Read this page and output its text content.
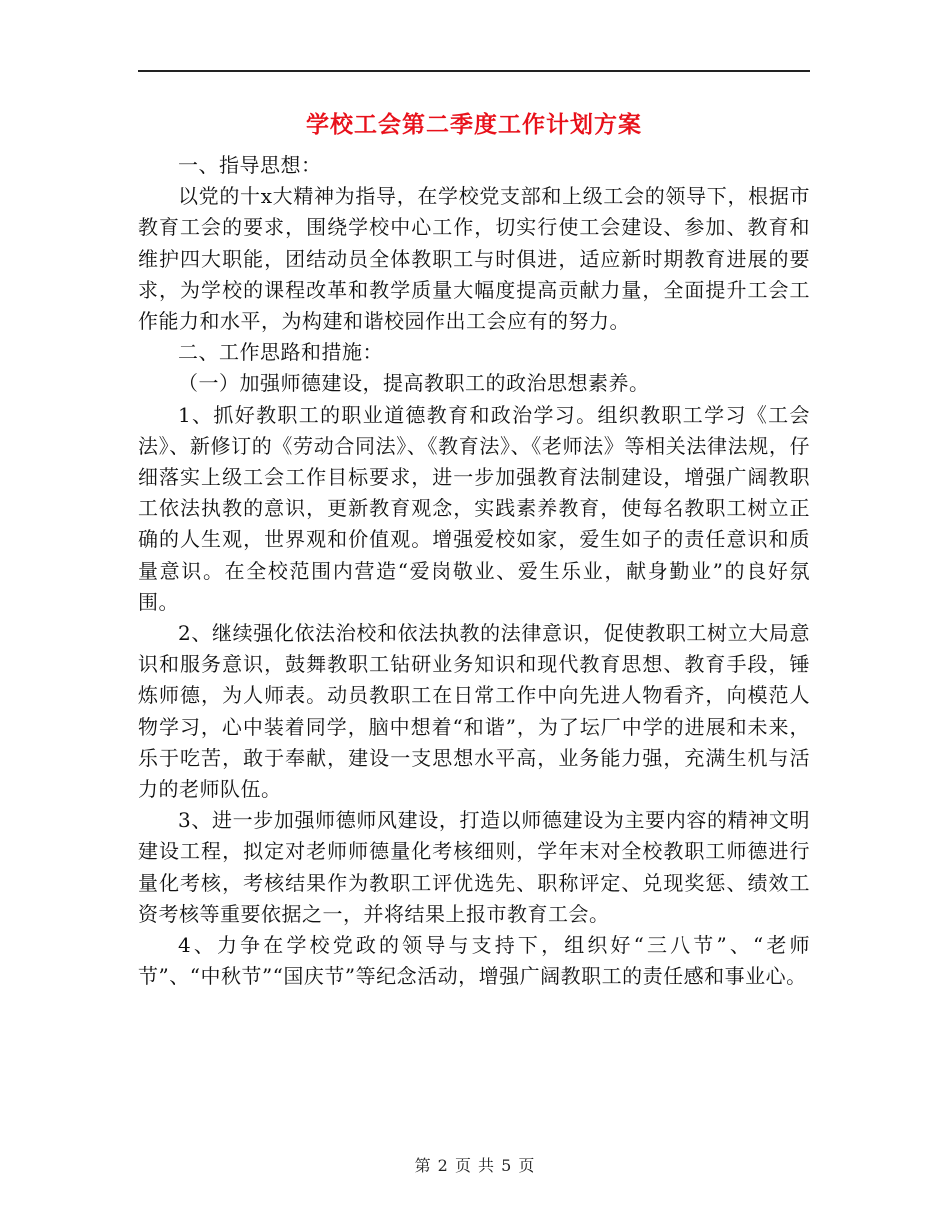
学校工会第二季度工作计划方案

一、指导思想：

以党的十x大精神为指导，在学校党支部和上级工会的领导下，根据市教育工会的要求，围绕学校中心工作，切实行使工会建设、参加、教育和维护四大职能，团结动员全体教职工与时俱进，适应新时期教育进展的要求，为学校的课程改革和教学质量大幅度提高贡献力量，全面提升工会工作能力和水平，为构建和谐校园作出工会应有的努力。

二、工作思路和措施：

（一）加强师德建设，提高教职工的政治思想素养。

1、抓好教职工的职业道德教育和政治学习。组织教职工学习《工会法》、新修订的《劳动合同法》、《教育法》、《老师法》等相关法律法规，仔细落实上级工会工作目标要求，进一步加强教育法制建设，增强广阔教职工依法执教的意识，更新教育观念，实践素养教育，使每名教职工树立正确的人生观，世界观和价值观。增强爱校如家，爱生如子的责任意识和质量意识。在全校范围内营造“爱岗敬业、爱生乐业，献身勤业”的良好氛围。

2、继续强化依法治校和依法执教的法律意识，促使教职工树立大局意识和服务意识，鼓舞教职工钻研业务知识和现代教育思想、教育手段，锤炼师德，为人师表。动员教职工在日常工作中向先进人物看齐，向模范人物学习，心中装着同学，脑中想着“和谐”，为了坛厂中学的进展和未来，乐于吃苦，敢于奉献，建设一支思想水平高，业务能力强，充满生机与活力的老师队伍。

3、进一步加强师德师风建设，打造以师德建设为主要内容的精神文明建设工程，拟定对老师师德量化考核细则，学年末对全校教职工师德进行量化考核，考核结果作为教职工评优选先、职称评定、兑现奖惩、绩效工资考核等重要依据之一，并将结果上报市教育工会。

4、力争在学校党政的领导与支持下，组织好“三八节”、“老师节”、“中秋节”“国庆节”等纪念活动，增强广阔教职工的责任感和事业心。

第 2 页 共 5 页
